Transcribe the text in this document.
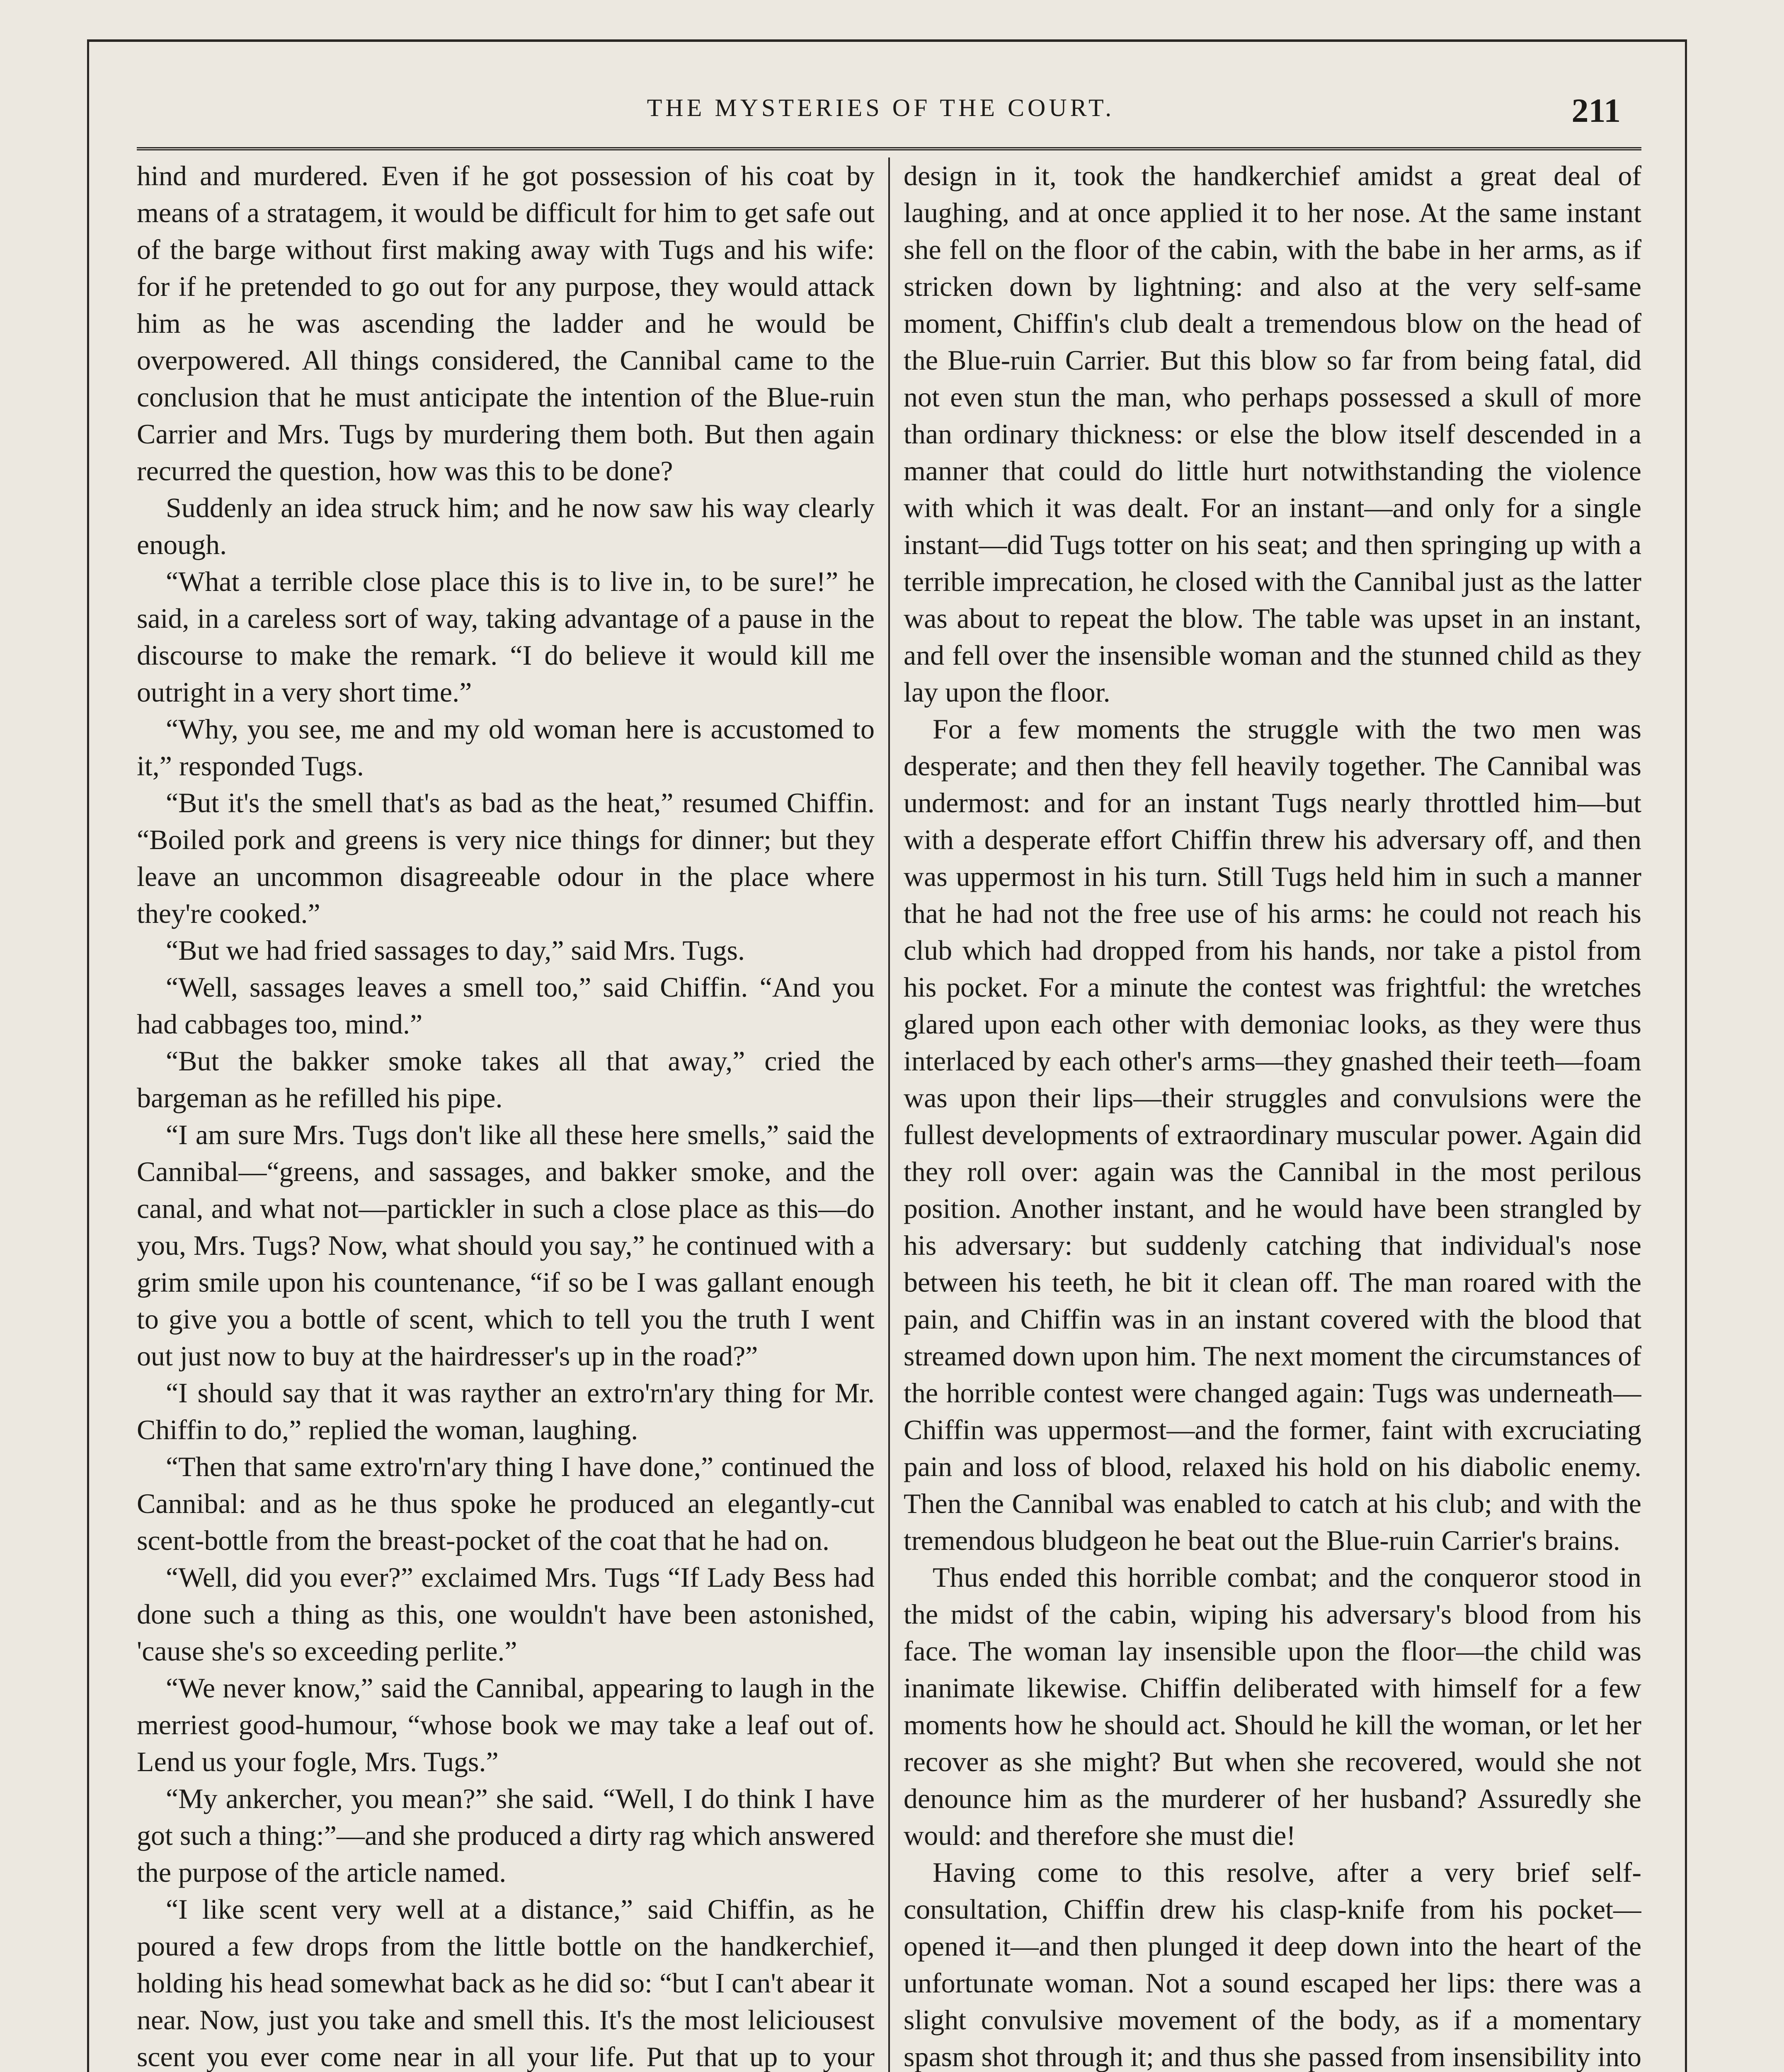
THE MYSTERIES OF THE COURT.	211

hind and murdered. Even if he got possession of his coat by means of a stratagem, it would be difficult for him to get safe out of the barge without first making away with Tugs and his wife: for if he pretended to go out for any purpose, they would attack him as he was ascending the ladder and he would be overpowered. All things considered, the Cannibal came to the conclusion that he must anticipate the intention of the Blue-ruin Carrier and Mrs. Tugs by murdering them both. But then again recurred the question, how was this to be done?

Suddenly an idea struck him; and he now saw his way clearly enough.

“What a terrible close place this is to live in, to be sure!” he said, in a careless sort of way, taking advantage of a pause in the discourse to make the remark. “I do believe it would kill me outright in a very short time.”

“Why, you see, me and my old woman here is accustomed to it,” responded Tugs.

“But it's the smell that's as bad as the heat,” resumed Chiffin. “Boiled pork and greens is very nice things for dinner; but they leave an uncommon disagreeable odour in the place where they're cooked.”

“But we had fried sassages to day,” said Mrs. Tugs.

“Well, sassages leaves a smell too,” said Chiffin. “And you had cabbages too, mind.”

“But the bakker smoke takes all that away,” cried the bargeman as he refilled his pipe.

“I am sure Mrs. Tugs don't like all these here smells,” said the Cannibal—“greens, and sassages, and bakker smoke, and the canal, and what not—partickler in such a close place as this—do you, Mrs. Tugs? Now, what should you say,” he continued with a grim smile upon his countenance, “if so be I was gallant enough to give you a bottle of scent, which to tell you the truth I went out just now to buy at the hairdresser's up in the road?”

“I should say that it was rayther an extro'rn'ary thing for Mr. Chiffin to do,” replied the woman, laughing.

“Then that same extro'rn'ary thing I have done,” continued the Cannibal: and as he thus spoke he produced an elegantly-cut scent-bottle from the breast-pocket of the coat that he had on.

“Well, did you ever?” exclaimed Mrs. Tugs “If Lady Bess had done such a thing as this, one wouldn't have been astonished, 'cause she's so exceeding perlite.”

“We never know,” said the Cannibal, appearing to laugh in the merriest good-humour, “whose book we may take a leaf out of. Lend us your fogle, Mrs. Tugs.”

“My ankercher, you mean?” she said. “Well, I do think I have got such a thing:”—and she produced a dirty rag which answered the purpose of the article named.

“I like scent very well at a distance,” said Chiffin, as he poured a few drops from the little bottle on the handkerchief, holding his head somewhat back as he did so: “but I can't abear it near. Now, just you take and smell this. It's the most leliciousest scent you ever come near in all your life. Put that up to your

design in it, took the handkerchief amidst a great deal of laughing, and at once applied it to her nose. At the same instant she fell on the floor of the cabin, with the babe in her arms, as if stricken down by lightning: and also at the very self-same moment, Chiffin's club dealt a tremendous blow on the head of the Blue-ruin Carrier. But this blow so far from being fatal, did not even stun the man, who perhaps possessed a skull of more than ordinary thickness: or else the blow itself descended in a manner that could do little hurt notwithstanding the violence with which it was dealt. For an instant—and only for a single instant—did Tugs totter on his seat; and then springing up with a terrible imprecation, he closed with the Cannibal just as the latter was about to repeat the blow. The table was upset in an instant, and fell over the insensible woman and the stunned child as they lay upon the floor.

For a few moments the struggle with the two men was desperate; and then they fell heavily together. The Cannibal was undermost: and for an instant Tugs nearly throttled him—but with a desperate effort Chiffin threw his adversary off, and then was uppermost in his turn. Still Tugs held him in such a manner that he had not the free use of his arms: he could not reach his club which had dropped from his hands, nor take a pistol from his pocket. For a minute the contest was frightful: the wretches glared upon each other with demoniac looks, as they were thus interlaced by each other's arms—they gnashed their teeth—foam was upon their lips—their struggles and convulsions were the fullest developments of extraordinary muscular power. Again did they roll over: again was the Cannibal in the most perilous position. Another instant, and he would have been strangled by his adversary: but suddenly catching that individual's nose between his teeth, he bit it clean off. The man roared with the pain, and Chiffin was in an instant covered with the blood that streamed down upon him. The next moment the circumstances of the horrible contest were changed again: Tugs was underneath—Chiffin was uppermost—and the former, faint with excruciating pain and loss of blood, relaxed his hold on his diabolic enemy. Then the Cannibal was enabled to catch at his club; and with the tremendous bludgeon he beat out the Blue-ruin Carrier's brains.

Thus ended this horrible combat; and the conqueror stood in the midst of the cabin, wiping his adversary's blood from his face. The woman lay insensible upon the floor—the child was inanimate likewise. Chiffin deliberated with himself for a few moments how he should act. Should he kill the woman, or let her recover as she might? But when she recovered, would she not denounce him as the murderer of her husband? Assuredly she would: and therefore she must die!

Having come to this resolve, after a very brief self-consultation, Chiffin drew his clasp-knife from his pocket—opened it—and then plunged it deep down into the heart of the unfortunate woman. Not a sound escaped her lips: there was a slight convulsive movement of the body, as if a momentary spasm shot through it; and thus she passed from insensibility into
